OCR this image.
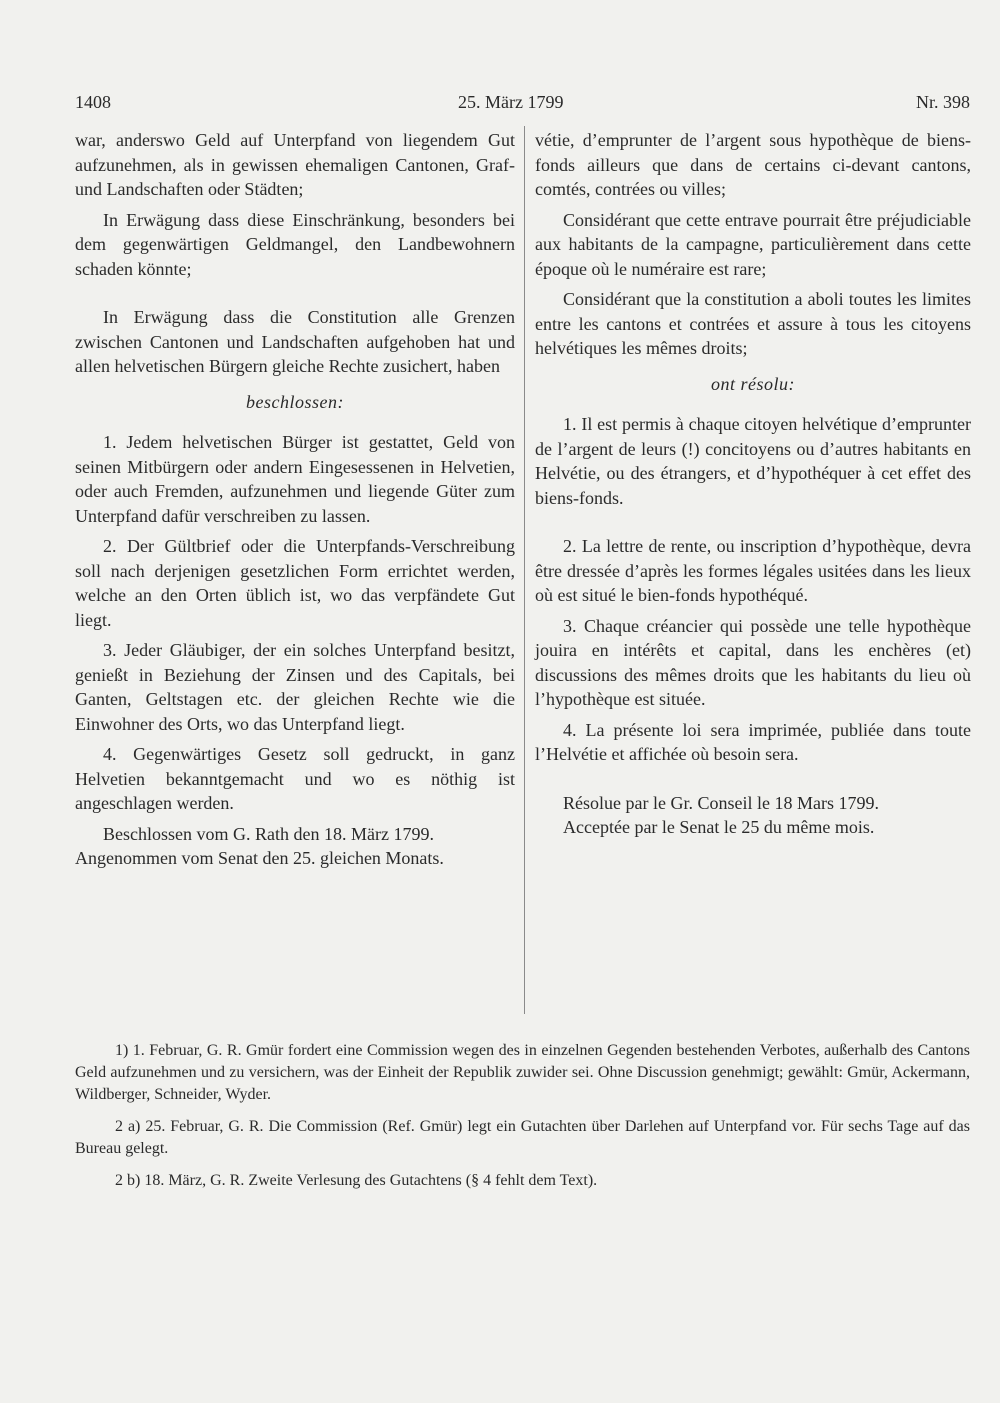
1408	25. März 1799	Nr. 398

war, anderswo Geld auf Unterpfand von liegendem Gut aufzunehmen, als in gewissen ehemaligen Cantonen, Graf- und Landschaften oder Städten;

In Erwägung dass diese Einschränkung, besonders bei dem gegenwärtigen Geldmangel, den Landbewohnern schaden könnte;

In Erwägung dass die Constitution alle Grenzen zwischen Cantonen und Landschaften aufgehoben hat und allen helvetischen Bürgern gleiche Rechte zusichert, haben

beschlossen:

1. Jedem helvetischen Bürger ist gestattet, Geld von seinen Mitbürgern oder andern Eingesessenen in Helvetien, oder auch Fremden, aufzunehmen und liegende Güter zum Unterpfand dafür verschreiben zu lassen.

2. Der Gültbrief oder die Unterpfands-Verschreibung soll nach derjenigen gesetzlichen Form errichtet werden, welche an den Orten üblich ist, wo das verpfändete Gut liegt.

3. Jeder Gläubiger, der ein solches Unterpfand besitzt, genießt in Beziehung der Zinsen und des Capitals, bei Ganten, Geltstagen etc. der gleichen Rechte wie die Einwohner des Orts, wo das Unterpfand liegt.

4. Gegenwärtiges Gesetz soll gedruckt, in ganz Helvetien bekanntgemacht und wo es nöthig ist angeschlagen werden.

Beschlossen vom G. Rath den 18. März 1799.

Angenommen vom Senat den 25. gleichen Monats.

vétie, d’emprunter de l’argent sous hypothèque de biens-fonds ailleurs que dans de certains ci-devant cantons, comtés, contrées ou villes;

Considérant que cette entrave pourrait être préjudiciable aux habitants de la campagne, particulièrement dans cette époque où le numéraire est rare;

Considérant que la constitution a aboli toutes les limites entre les cantons et contrées et assure à tous les citoyens helvétiques les mêmes droits;

ont résolu:

1. Il est permis à chaque citoyen helvétique d’emprunter de l’argent de leurs (!) concitoyens ou d’autres habitants en Helvétie, ou des étrangers, et d’hypothéquer à cet effet des biens-fonds.

2. La lettre de rente, ou inscription d’hypothèque, devra être dressée d’après les formes légales usitées dans les lieux où est situé le bien-fonds hypothéqué.

3. Chaque créancier qui possède une telle hypothèque jouira en intérêts et capital, dans les enchères (et) discussions des mêmes droits que les habitants du lieu où l’hypothèque est située.

4. La présente loi sera imprimée, publiée dans toute l’Helvétie et affichée où besoin sera.

Résolue par le Gr. Conseil le 18 Mars 1799.

Acceptée par le Senat le 25 du même mois.

1) 1. Februar, G. R. Gmür fordert eine Commission wegen des in einzelnen Gegenden bestehenden Verbotes, außerhalb des Cantons Geld aufzunehmen und zu versichern, was der Einheit der Republik zuwider sei. Ohne Discussion genehmigt; gewählt: Gmür, Ackermann, Wildberger, Schneider, Wyder.

2 a) 25. Februar, G. R. Die Commission (Ref. Gmür) legt ein Gutachten über Darlehen auf Unterpfand vor. Für sechs Tage auf das Bureau gelegt.

2 b) 18. März, G. R. Zweite Verlesung des Gutachtens (§ 4 fehlt dem Text).
